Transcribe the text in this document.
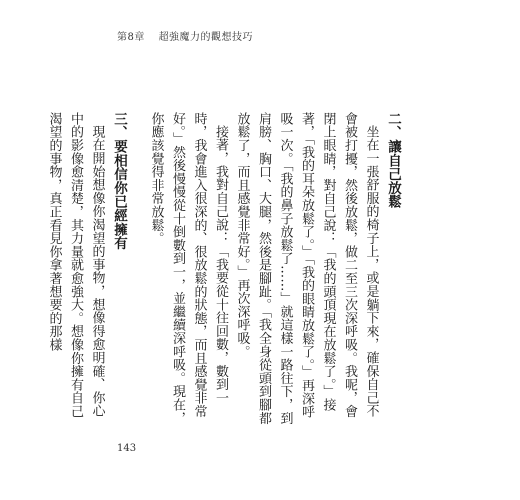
第8章 超強魔力的觀想技巧
二、讓自己放鬆

坐在一張舒服的椅子上，或是躺下來，確保自己不會被打擾，然後放鬆，做二至三次深呼吸。我呢，會閉上眼睛，對自己說：「我的頭頂現在放鬆了。」接著，「我的耳朵放鬆了。」「我的眼睛放鬆了。」再深呼吸一次。「我的鼻子放鬆了……」就這樣一路往下，到肩膀、胸口、大腿，然後是腳趾。「我全身從頭到腳都放鬆了，而且感覺非常好。」再次深呼吸。

接著，我對自己說：「我要從十往回數，數到一時，我會進入很深的、很放鬆的狀態，而且感覺非常好。」然後慢慢從十倒數到一，並繼續深呼吸。現在，你應該覺得非常放鬆。

三、要相信你已經擁有

現在開始想像你渴望的事物，想像得愈明確、你心中的影像愈清楚，其力量就愈強大。想像你擁有自己渴望的事物，真正看見你拿著想要的那樣

143
